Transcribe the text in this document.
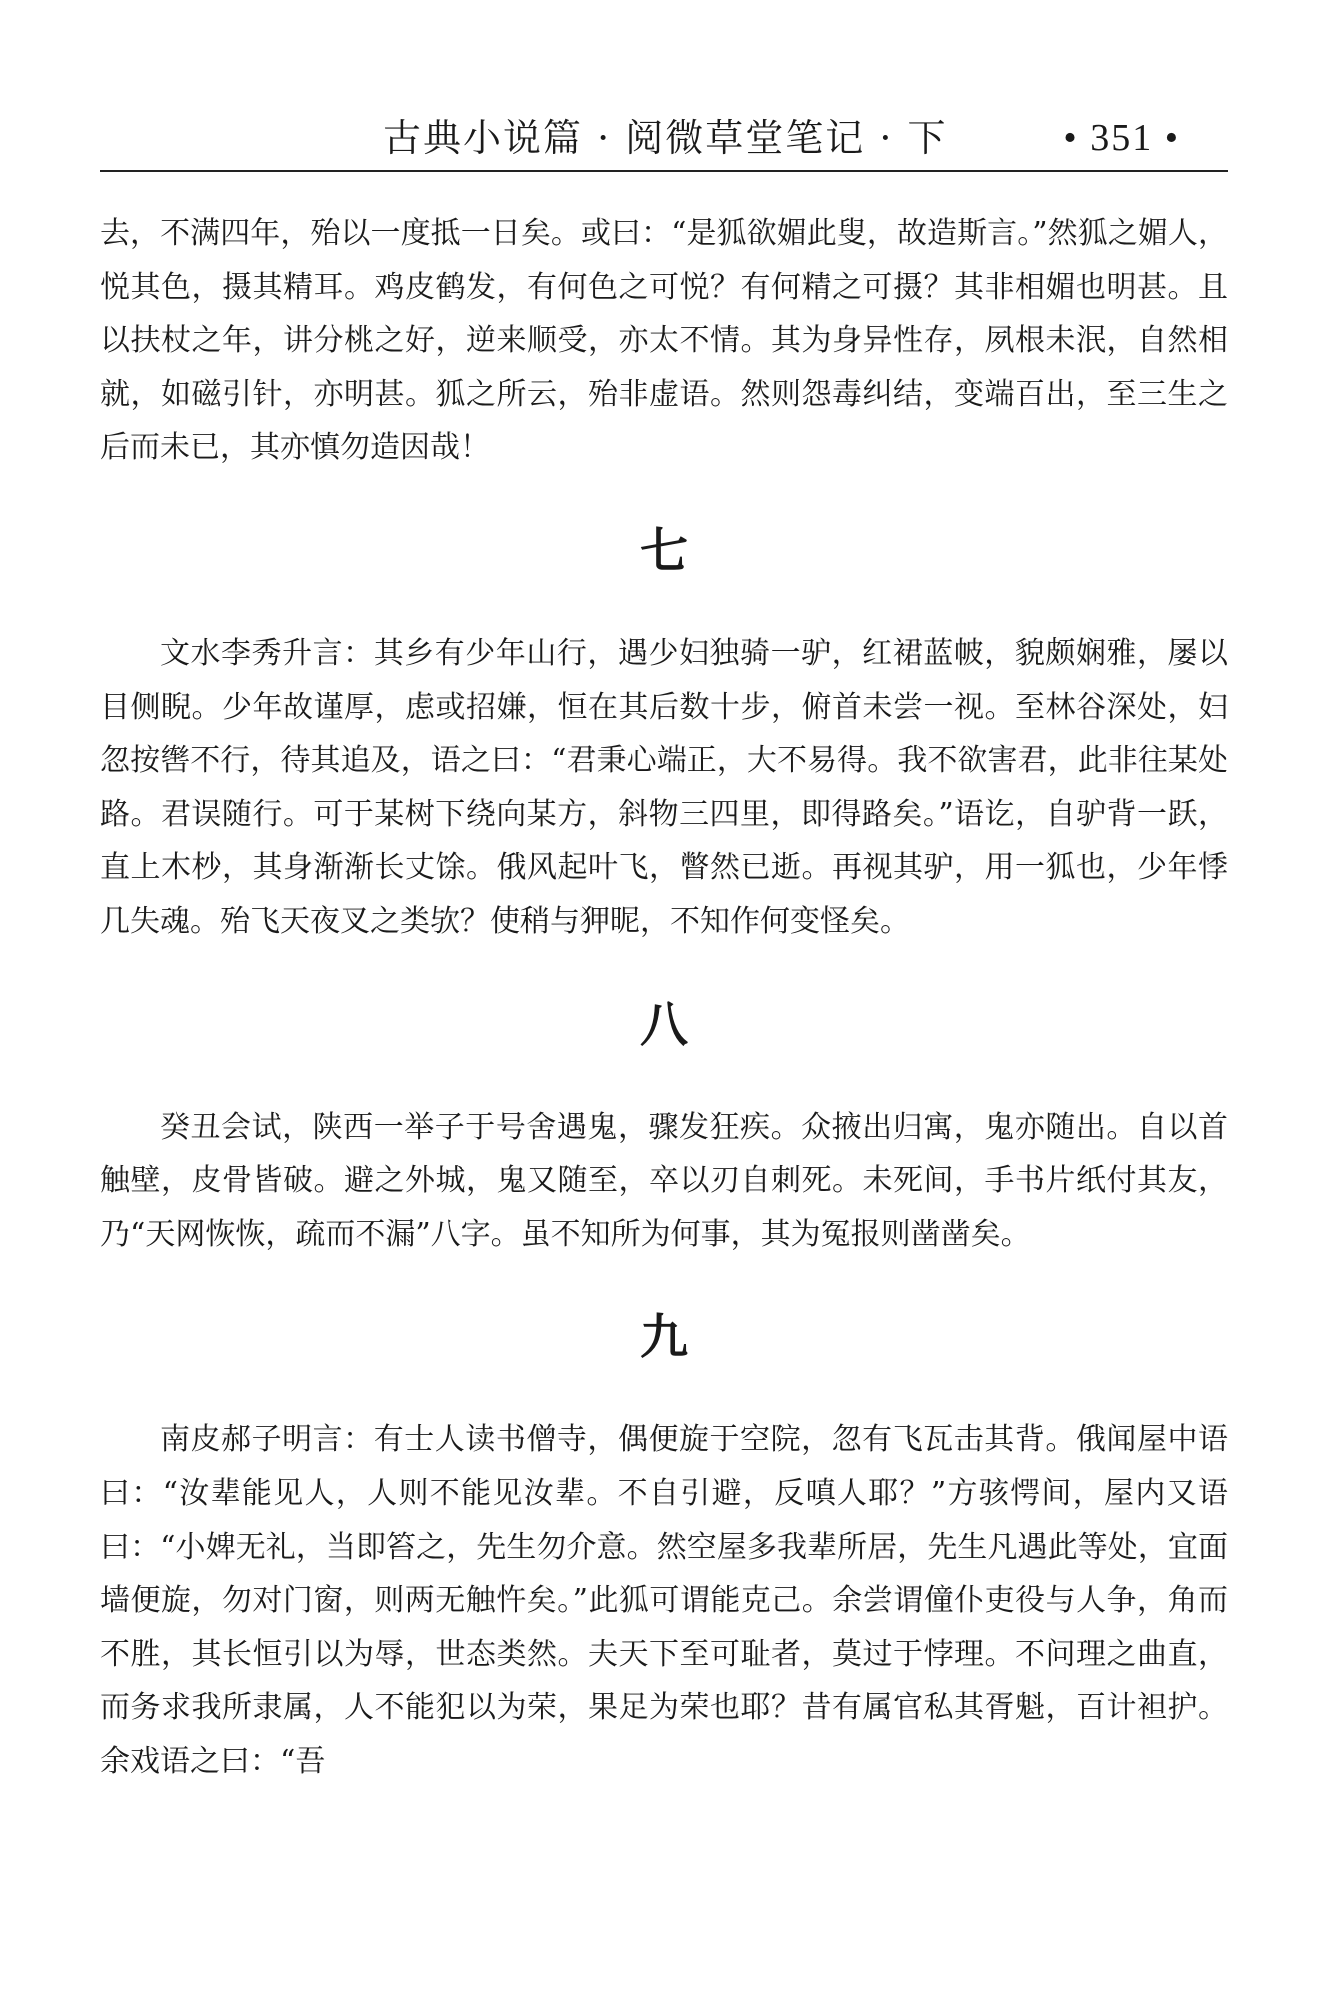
古典小说篇 · 阅微草堂笔记 · 下	• 351 •

去，不满四年，殆以一度抵一日矣。或曰：“是狐欲媚此叟，故造斯言。”然狐之媚人，悦其色，摄其精耳。鸡皮鹤发，有何色之可悦？有何精之可摄？其非相媚也明甚。且以扶杖之年，讲分桃之好，逆来顺受，亦太不情。其为身异性存，夙根未泯，自然相就，如磁引针，亦明甚。狐之所云，殆非虚语。然则怨毒纠结，变端百出，至三生之后而未已，其亦慎勿造因哉！

七

文水李秀升言：其乡有少年山行，遇少妇独骑一驴，红裙蓝帔，貌颇娴雅，屡以目侧睨。少年故谨厚，虑或招嫌，恒在其后数十步，俯首未尝一视。至林谷深处，妇忽按辔不行，待其追及，语之曰：“君秉心端正，大不易得。我不欲害君，此非往某处路。君误随行。可于某树下绕向某方，斜物三四里，即得路矣。”语讫，自驴背一跃，直上木杪，其身渐渐长丈馀。俄风起叶飞，瞥然已逝。再视其驴，用一狐也，少年悸几失魂。殆飞天夜叉之类欤？使稍与狎昵，不知作何变怪矣。

八

癸丑会试，陕西一举子于号舍遇鬼，骤发狂疾。众掖出归寓，鬼亦随出。自以首触壁，皮骨皆破。避之外城，鬼又随至，卒以刃自刺死。未死间，手书片纸付其友，乃“天网恢恢，疏而不漏”八字。虽不知所为何事，其为冤报则凿凿矣。

九

南皮郝子明言：有士人读书僧寺，偶便旋于空院，忽有飞瓦击其背。俄闻屋中语曰：“汝辈能见人，人则不能见汝辈。不自引避，反嗔人耶？”方骇愕间，屋内又语曰：“小婢无礼，当即笞之，先生勿介意。然空屋多我辈所居，先生凡遇此等处，宜面墙便旋，勿对门窗，则两无触忤矣。”此狐可谓能克己。余尝谓僮仆吏役与人争，角而不胜，其长恒引以为辱，世态类然。夫天下至可耻者，莫过于悖理。不问理之曲直，而务求我所隶属，人不能犯以为荣，果足为荣也耶？昔有属官私其胥魁，百计袒护。余戏语之曰：“吾
